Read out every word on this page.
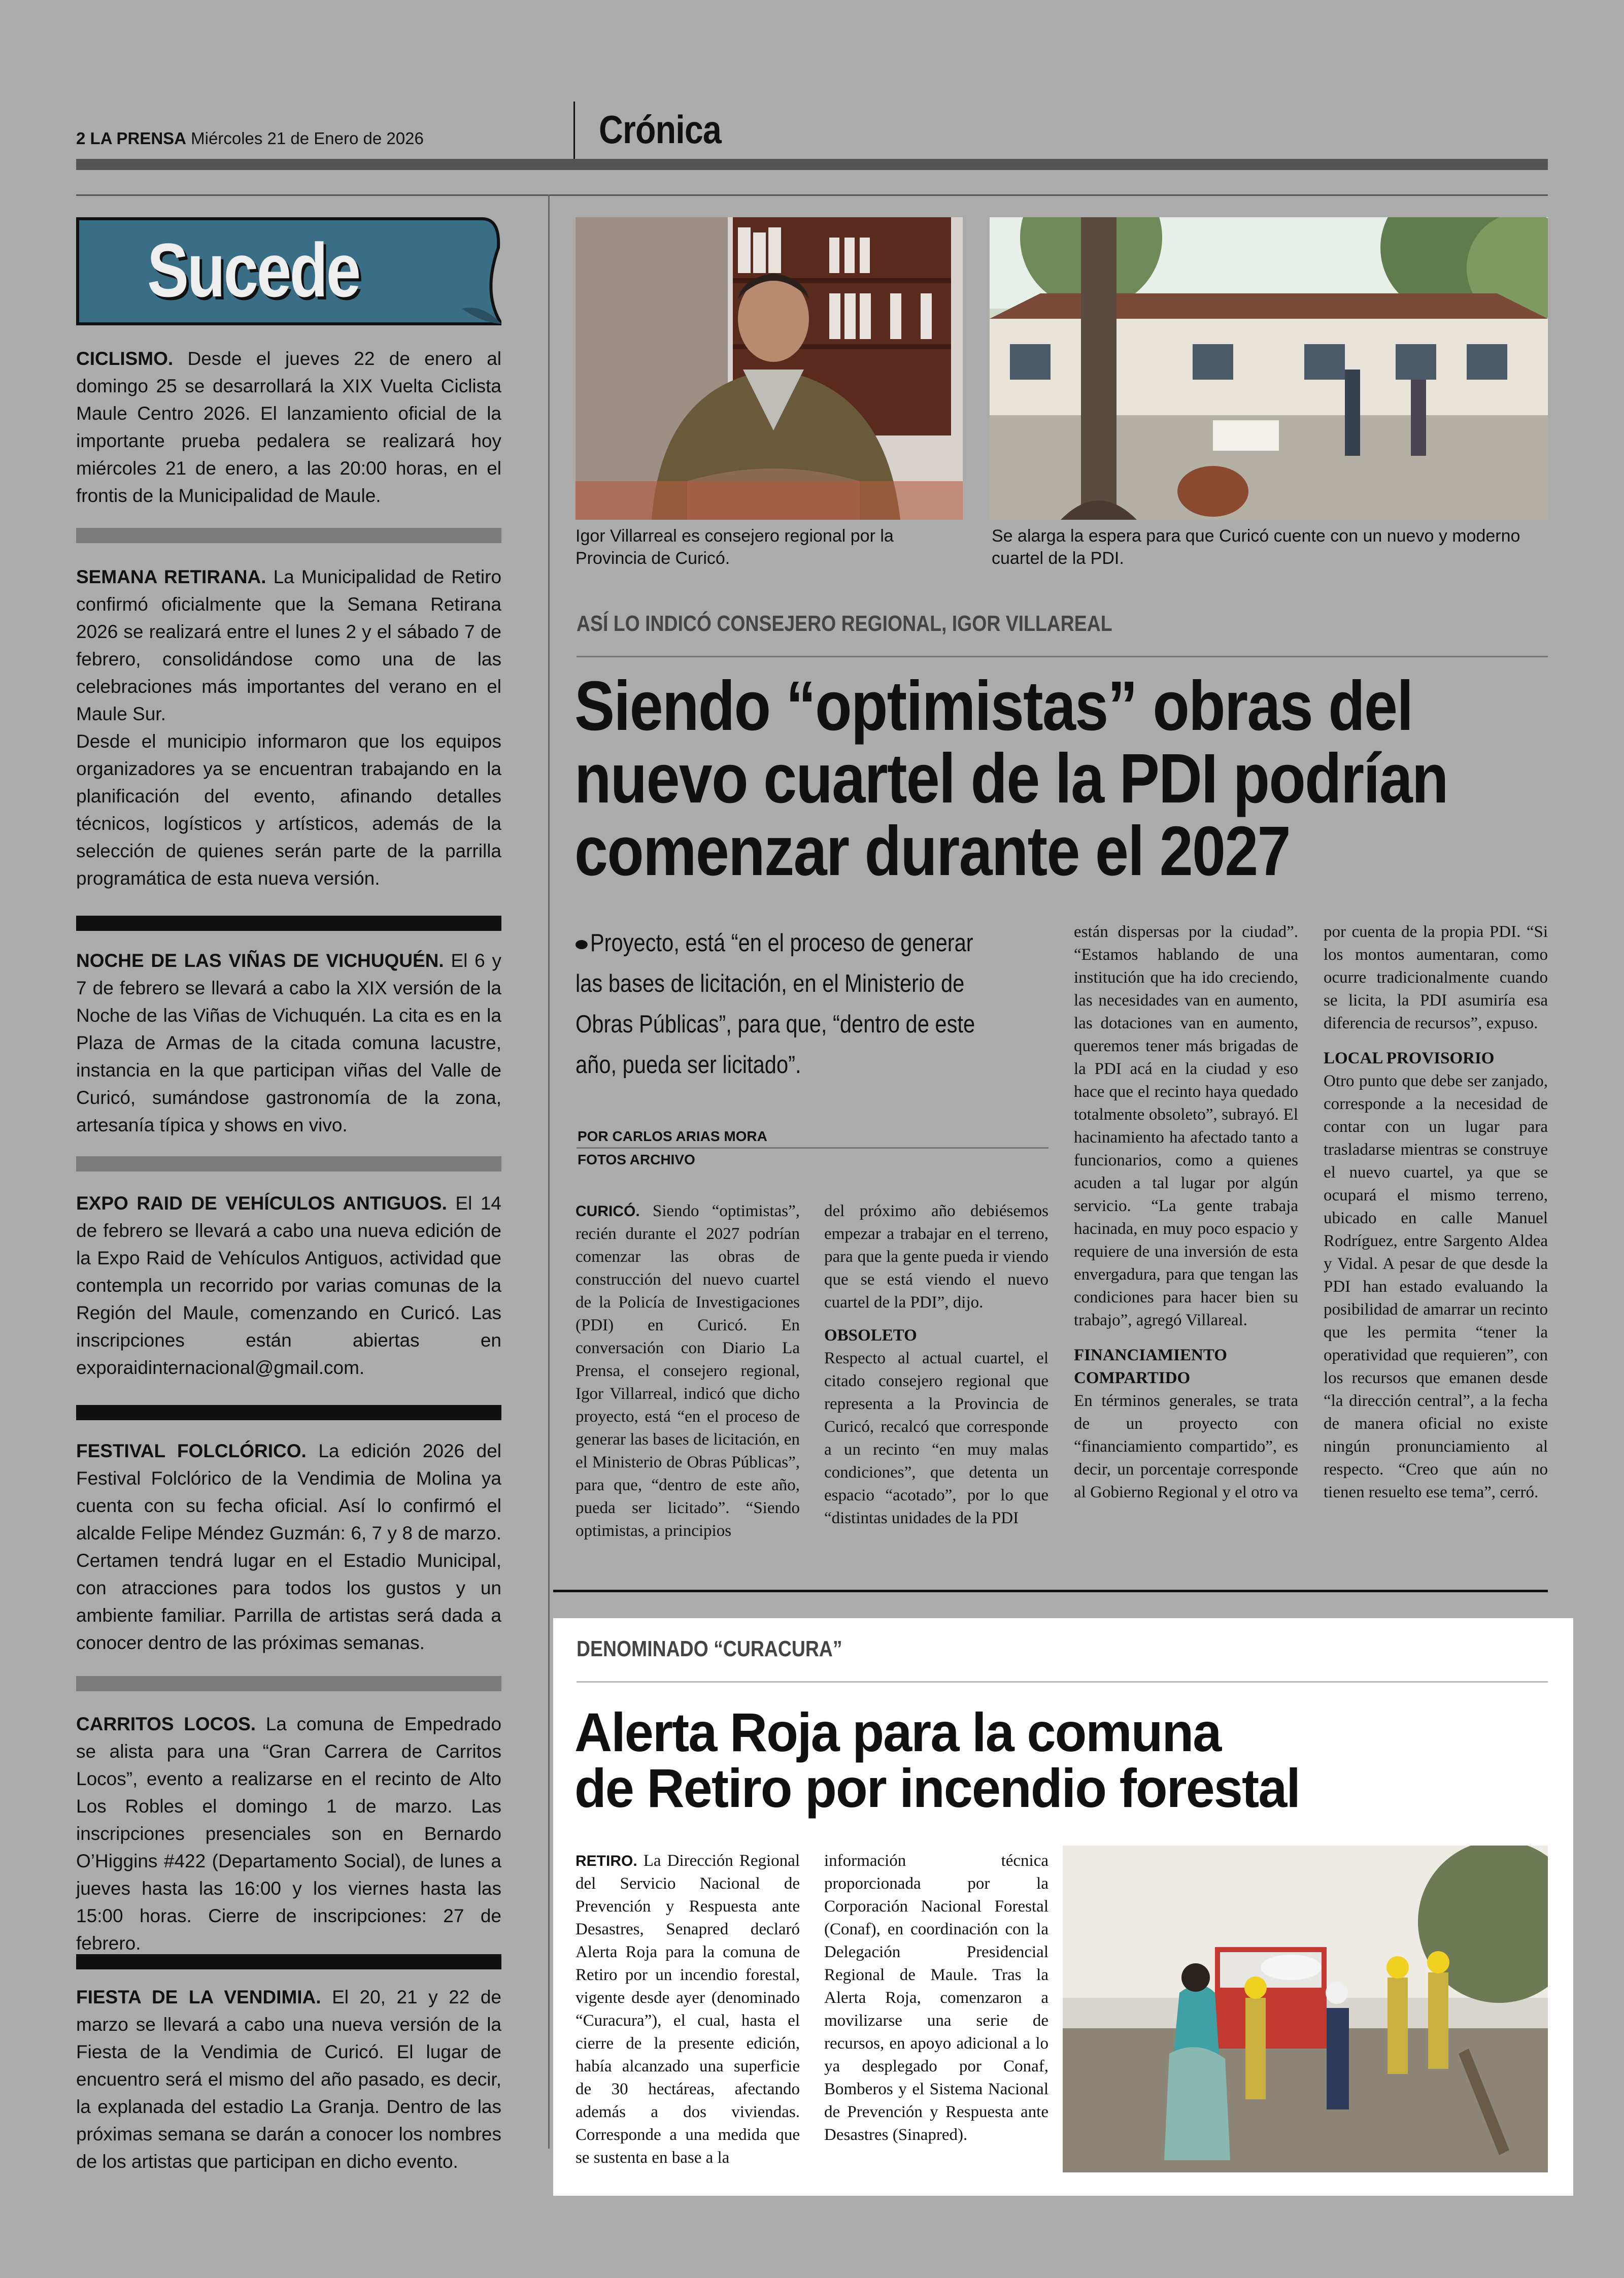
2 LA PRENSA Miércoles 21 de Enero de 2026	Crónica
Sucede
CICLISMO. Desde el jueves 22 de enero al domingo 25 se desarrollará la XIX Vuelta Ciclista Maule Centro 2026. El lanzamiento oficial de la importante prueba pedalera se realizará hoy miércoles 21 de enero, a las 20:00 horas, en el frontis de la Municipalidad de Maule.
SEMANA RETIRANA. La Municipalidad de Retiro confirmó oficialmente que la Semana Retirana 2026 se realizará entre el lunes 2 y el sábado 7 de febrero, consolidándose como una de las celebraciones más importantes del verano en el Maule Sur.
Desde el municipio informaron que los equipos organizadores ya se encuentran trabajando en la planificación del evento, afinando detalles técnicos, logísticos y artísticos, además de la selección de quienes serán parte de la parrilla programática de esta nueva versión.
NOCHE DE LAS VIÑAS DE VICHUQUÉN. El 6 y 7 de febrero se llevará a cabo la XIX versión de la Noche de las Viñas de Vichuquén. La cita es en la Plaza de Armas de la citada comuna lacustre, instancia en la que participan viñas del Valle de Curicó, sumándose gastronomía de la zona, artesanía típica y shows en vivo.
EXPO RAID DE VEHÍCULOS ANTIGUOS. El 14 de febrero se llevará a cabo una nueva edición de la Expo Raid de Vehículos Antiguos, actividad que contempla un recorrido por varias comunas de la Región del Maule, comenzando en Curicó. Las inscripciones están abiertas en exporaidinternacional@gmail.com.
FESTIVAL FOLCLÓRICO. La edición 2026 del Festival Folclórico de la Vendimia de Molina ya cuenta con su fecha oficial. Así lo confirmó el alcalde Felipe Méndez Guzmán: 6, 7 y 8 de marzo. Certamen tendrá lugar en el Estadio Municipal, con atracciones para todos los gustos y un ambiente familiar. Parrilla de artistas será dada a conocer dentro de las próximas semanas.
CARRITOS LOCOS. La comuna de Empedrado se alista para una “Gran Carrera de Carritos Locos”, evento a realizarse en el recinto de Alto Los Robles el domingo 1 de marzo. Las inscripciones presenciales son en Bernardo O’Higgins #422 (Departamento Social), de lunes a jueves hasta las 16:00 y los viernes hasta las 15:00 horas. Cierre de inscripciones: 27 de febrero.
FIESTA DE LA VENDIMIA. El 20, 21 y 22 de marzo se llevará a cabo una nueva versión de la Fiesta de la Vendimia de Curicó. El lugar de encuentro será el mismo del año pasado, es decir, la explanada del estadio La Granja. Dentro de las próximas semana se darán a conocer los nombres de los artistas que participan en dicho evento.
Igor Villarreal es consejero regional por la Provincia de Curicó.
Se alarga la espera para que Curicó cuente con un nuevo y moderno cuartel de la PDI.
ASÍ LO INDICÓ CONSEJERO REGIONAL, IGOR VILLAREAL
Siendo “optimistas” obras del
nuevo cuartel de la PDI podrían
comenzar durante el 2027
Proyecto, está “en el proceso de generar las bases de licitación, en el Ministerio de Obras Públicas”, para que, “dentro de este año, pueda ser licitado”.
POR CARLOS ARIAS MORA
FOTOS ARCHIVO
CURICÓ. Siendo “optimistas”, recién durante el 2027 podrían comenzar las obras de construcción del nuevo cuartel de la Policía de Investigaciones (PDI) en Curicó. En conversación con Diario La Prensa, el consejero regional, Igor Villarreal, indicó que dicho proyecto, está “en el proceso de generar las bases de licitación, en el Ministerio de Obras Públicas”, para que, “dentro de este año, pueda ser licitado”. “Siendo optimistas, a principios
del próximo año debiésemos empezar a trabajar en el terreno, para que la gente pueda ir viendo que se está viendo el nuevo cuartel de la PDI”, dijo.
OBSOLETO
Respecto al actual cuartel, el citado consejero regional que representa a la Provincia de Curicó, recalcó que corresponde a un recinto “en muy malas condiciones”, que detenta un espacio “acotado”, por lo que “distintas unidades de la PDI
están dispersas por la ciudad”. “Estamos hablando de una institución que ha ido creciendo, las necesidades van en aumento, las dotaciones van en aumento, queremos tener más brigadas de la PDI acá en la ciudad y eso hace que el recinto haya quedado totalmente obsoleto”, subrayó. El hacinamiento ha afectado tanto a funcionarios, como a quienes acuden a tal lugar por algún servicio. “La gente trabaja hacinada, en muy poco espacio y requiere de una inversión de esta envergadura, para que tengan las condiciones para hacer bien su trabajo”, agregó Villareal.
FINANCIAMIENTO COMPARTIDO
En términos generales, se trata de un proyecto con “financiamiento compartido”, es decir, un porcentaje corresponde al Gobierno Regional y el otro va
por cuenta de la propia PDI. “Si los montos aumentaran, como ocurre tradicionalmente cuando se licita, la PDI asumiría esa diferencia de recursos”, expuso.
LOCAL PROVISORIO
Otro punto que debe ser zanjado, corresponde a la necesidad de contar con un lugar para trasladarse mientras se construye el nuevo cuartel, ya que se ocupará el mismo terreno, ubicado en calle Manuel Rodríguez, entre Sargento Aldea y Vidal. A pesar de que desde la PDI han estado evaluando la posibilidad de amarrar un recinto que les permita “tener la operatividad que requieren”, con los recursos que emanen desde “la dirección central”, a la fecha de manera oficial no existe ningún pronunciamiento al respecto. “Creo que aún no tienen resuelto ese tema”, cerró.
DENOMINADO “CURACURA”
Alerta Roja para la comuna
de Retiro por incendio forestal
RETIRO. La Dirección Regional del Servicio Nacional de Prevención y Respuesta ante Desastres, Senapred declaró Alerta Roja para la comuna de Retiro por un incendio forestal, vigente desde ayer (denominado “Curacura”), el cual, hasta el cierre de la presente edición, había alcanzado una superficie de 30 hectáreas, afectando además a dos viviendas. Corresponde a una medida que se sustenta en base a la
información técnica proporcionada por la Corporación Nacional Forestal (Conaf), en coordinación con la Delegación Presidencial Regional de Maule. Tras la Alerta Roja, comenzaron a movilizarse una serie de recursos, en apoyo adicional a lo ya desplegado por Conaf, Bomberos y el Sistema Nacional de Prevención y Respuesta ante Desastres (Sinapred).
